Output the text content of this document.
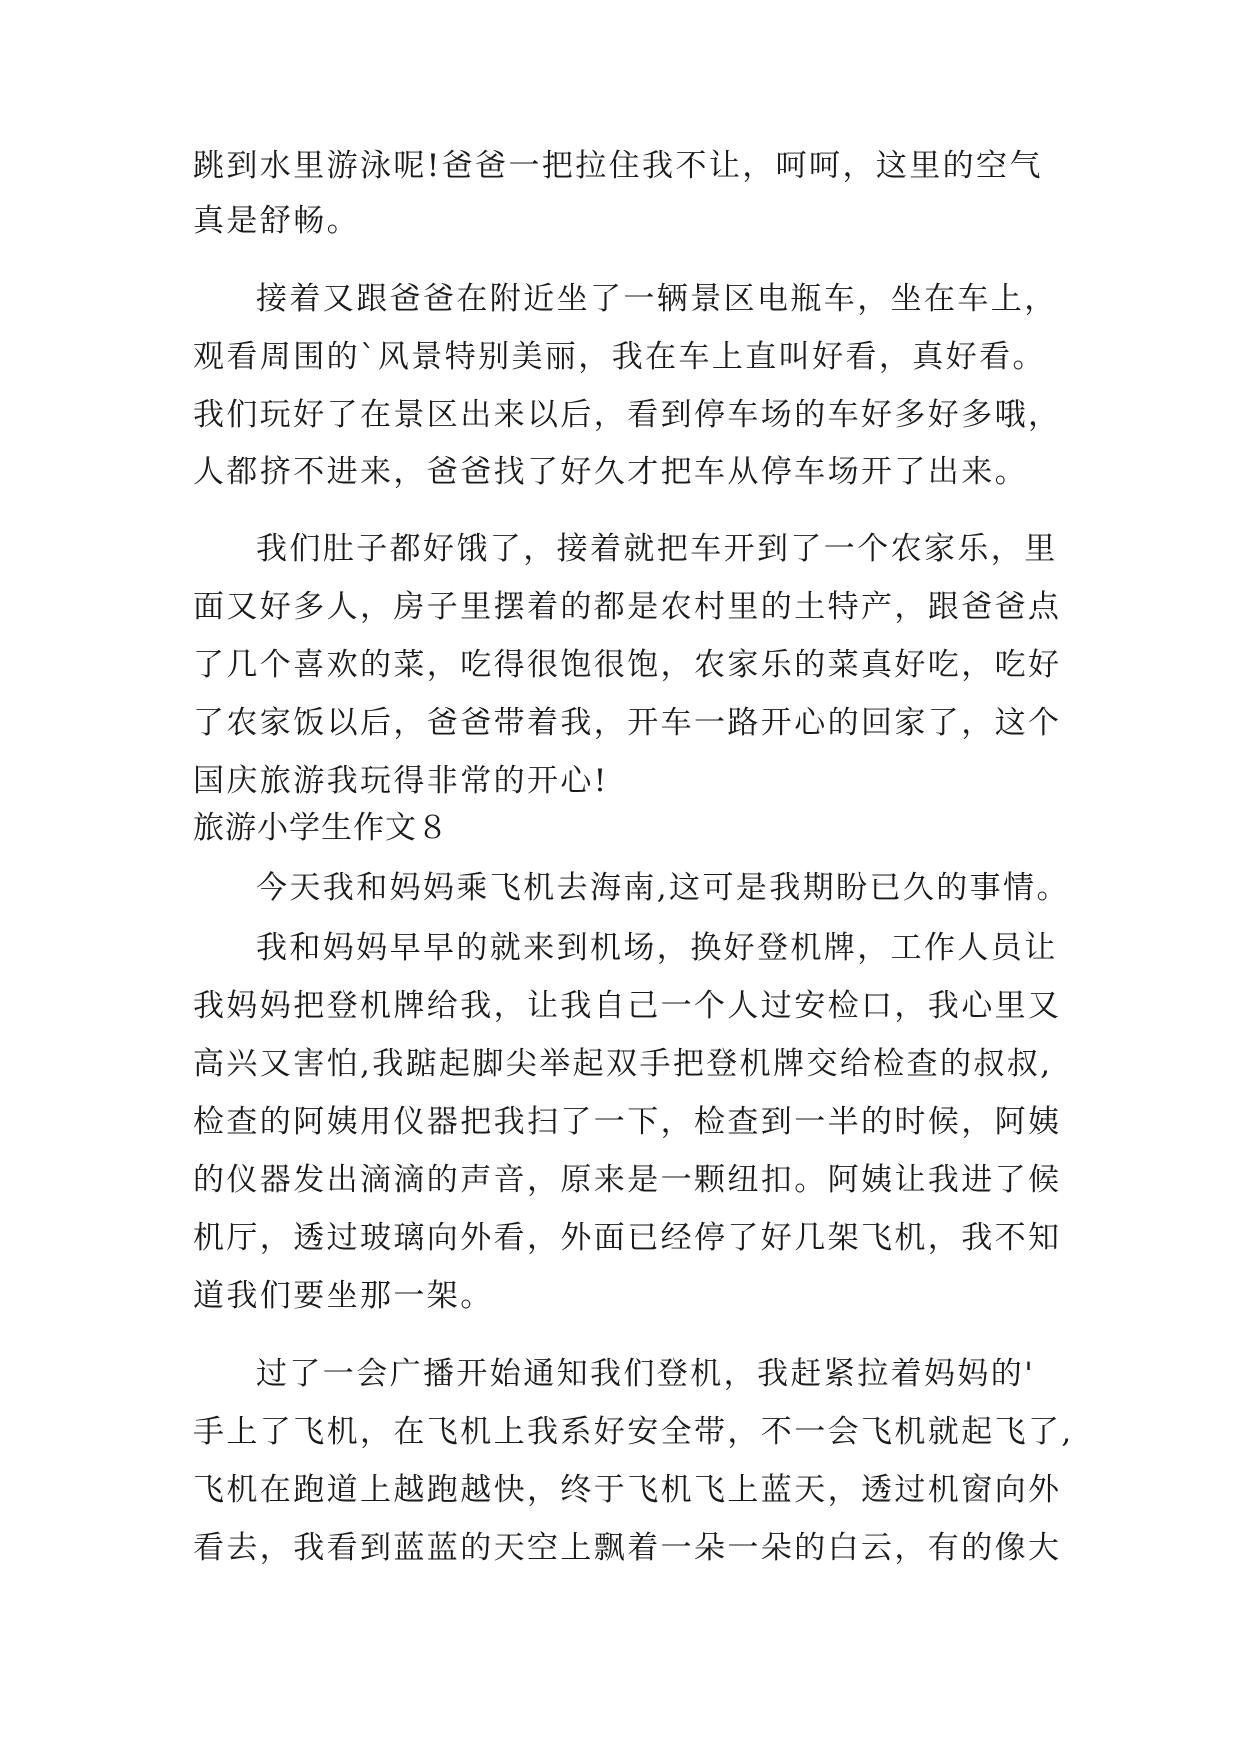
跳到水里游泳呢!爸爸一把拉住我不让，呵呵，这里的空气
真是舒畅。
接着又跟爸爸在附近坐了一辆景区电瓶车，坐在车上，
观看周围的`风景特别美丽，我在车上直叫好看，真好看。
我们玩好了在景区出来以后，看到停车场的车好多好多哦，
人都挤不进来，爸爸找了好久才把车从停车场开了出来。
我们肚子都好饿了，接着就把车开到了一个农家乐，里
面又好多人，房子里摆着的都是农村里的土特产，跟爸爸点
了几个喜欢的菜，吃得很饱很饱，农家乐的菜真好吃，吃好
了农家饭以后，爸爸带着我，开车一路开心的回家了，这个
国庆旅游我玩得非常的开心!
旅游小学生作文８
今天我和妈妈乘飞机去海南,这可是我期盼已久的事情。
我和妈妈早早的就来到机场，换好登机牌，工作人员让
我妈妈把登机牌给我，让我自己一个人过安检口，我心里又
高兴又害怕,我踮起脚尖举起双手把登机牌交给检查的叔叔,
检查的阿姨用仪器把我扫了一下，检查到一半的时候，阿姨
的仪器发出滴滴的声音，原来是一颗纽扣。阿姨让我进了候
机厅，透过玻璃向外看，外面已经停了好几架飞机，我不知
道我们要坐那一架。
过了一会广播开始通知我们登机，我赶紧拉着妈妈的'
手上了飞机，在飞机上我系好安全带，不一会飞机就起飞了,
飞机在跑道上越跑越快，终于飞机飞上蓝天，透过机窗向外
看去，我看到蓝蓝的天空上飘着一朵一朵的白云，有的像大
